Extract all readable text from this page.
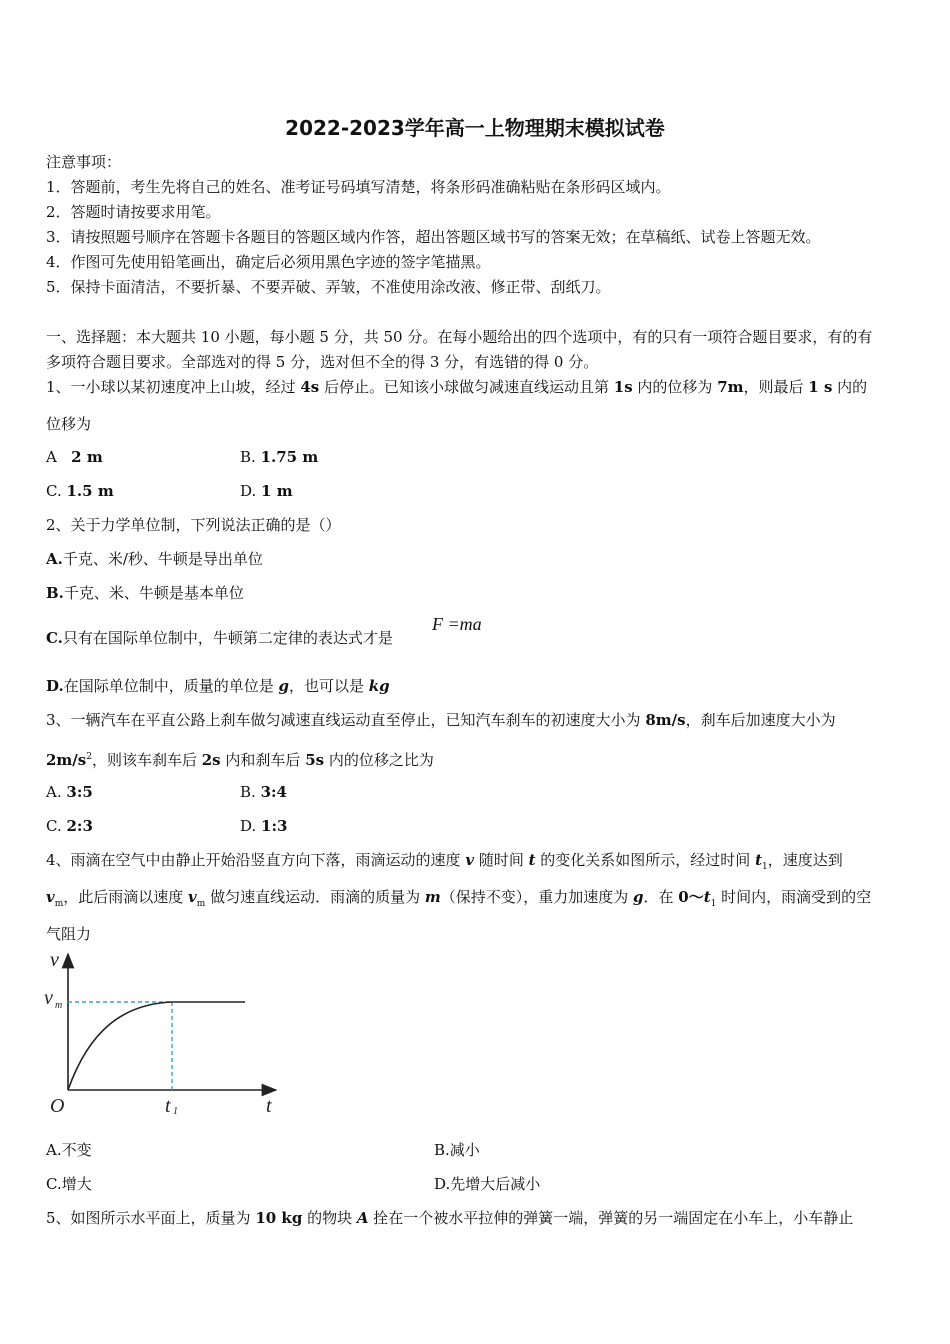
2022-2023学年高一上物理期末模拟试卷
注意事项：
1．答题前，考生先将自己的姓名、准考证号码填写清楚，将条形码准确粘贴在条形码区域内。
2．答题时请按要求用笔。
3．请按照题号顺序在答题卡各题目的答题区域内作答，超出答题区域书写的答案无效；在草稿纸、试卷上答题无效。
4．作图可先使用铅笔画出，确定后必须用黑色字迹的签字笔描黑。
5．保持卡面清洁，不要折暴、不要弄破、弄皱，不准使用涂改液、修正带、刮纸刀。
一、选择题：本大题共 10 小题，每小题 5 分，共 50 分。在每小题给出的四个选项中，有的只有一项符合题目要求，有的有
多项符合题目要求。全部选对的得 5 分，选对但不全的得 3 分，有选错的得 0 分。
1、一小球以某初速度冲上山坡，经过 4s 后停止。已知该小球做匀减速直线运动且第 1s 内的位移为 7m，则最后 1 s 内的
位移为
A 2 m	B. 1.75 m
C. 1.5 m	D. 1 m
2、关于力学单位制，下列说法正确的是（）
A.千克、米/秒、牛顿是导出单位
B.千克、米、牛顿是基本单位
C.只有在国际单位制中，牛顿第二定律的表达式才是
F =ma
D.在国际单位制中，质量的单位是 g，也可以是 kg
3、一辆汽车在平直公路上刹车做匀减速直线运动直至停止，已知汽车刹车的初速度大小为 8m/s，刹车后加速度大小为
$2m/s^2$，则该车刹车后 2s 内和刹车后 5s 内的位移之比为
A. 3:5	B. 3:4
C. 2:3	D. 1:3
4、雨滴在空气中由静止开始沿竖直方向下落，雨滴运动的速度 v 随时间 t 的变化关系如图所示，经过时间 $t_1$，速度达到
$v_m$，此后雨滴以速度 $v_m$ 做匀速直线运动．雨滴的质量为 m（保持不变），重力加速度为 g．在 $0\sim t_1$ 时间内，雨滴受到的空
气阻力
v
v m
O	t 1	t
A.不变	B.减小
C.增大	D.先增大后减小
5、如图所示水平面上，质量为 10 kg 的物块 A 拴在一个被水平拉伸的弹簧一端，弹簧的另一端固定在小车上，小车静止
